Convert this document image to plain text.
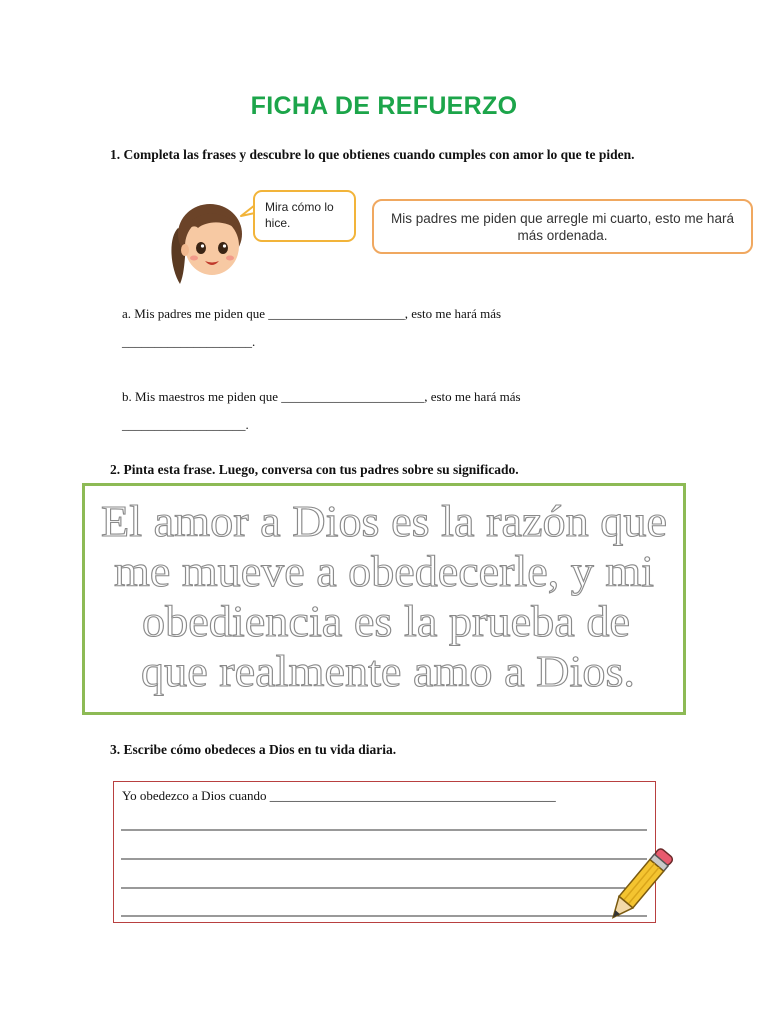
FICHA DE REFUERZO
1. Completa las frases y descubre lo que obtienes cuando cumples con amor lo que te piden.
Mira cómo lo hice.	Mis padres me piden que arregle mi cuarto, esto me hará más ordenada.
a. Mis padres me piden que _____________________, esto me hará más
____________________.
b. Mis maestros me piden que ______________________, esto me hará más
___________________.
2. Pinta esta frase. Luego, conversa con tus padres sobre su significado.
El amor a Dios es la razón que
me mueve a obedecerle, y mi
obediencia es la prueba de
que realmente amo a Dios.
3. Escribe cómo obedeces a Dios en tu vida diaria.
Yo obedezco a Dios cuando ____________________________________________
